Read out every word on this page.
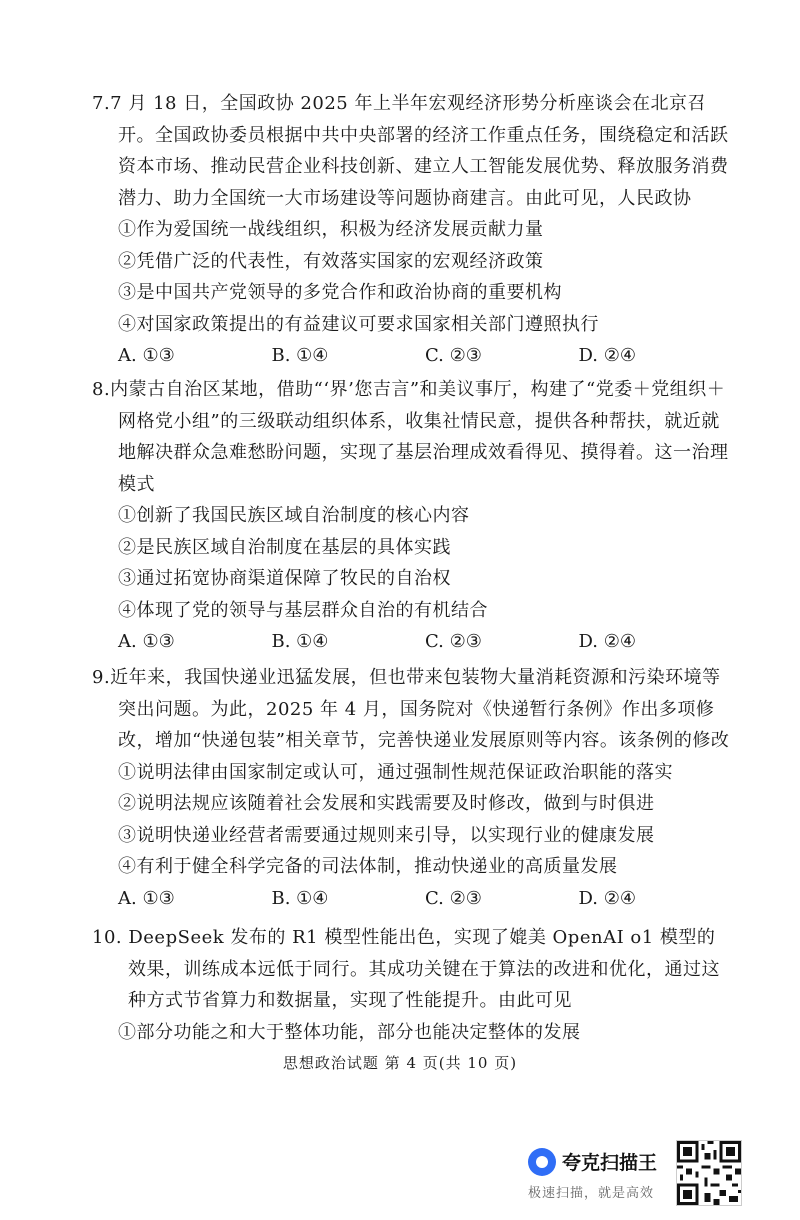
7.7 月 18 日，全国政协 2025 年上半年宏观经济形势分析座谈会在北京召开。全国政协委员根据中共中央部署的经济工作重点任务，围绕稳定和活跃资本市场、推动民营企业科技创新、建立人工智能发展优势、释放服务消费潜力、助力全国统一大市场建设等问题协商建言。由此可见，人民政协

①作为爱国统一战线组织，积极为经济发展贡献力量

②凭借广泛的代表性，有效落实国家的宏观经济政策

③是中国共产党领导的多党合作和政治协商的重要机构

④对国家政策提出的有益建议可要求国家相关部门遵照执行

A. ①③	B. ①④	C. ②③	D. ②④

8.内蒙古自治区某地，借助“‘界’您吉言”和美议事厅，构建了“党委＋党组织＋网格党小组”的三级联动组织体系，收集社情民意，提供各种帮扶，就近就地解决群众急难愁盼问题，实现了基层治理成效看得见、摸得着。这一治理模式

①创新了我国民族区域自治制度的核心内容

②是民族区域自治制度在基层的具体实践

③通过拓宽协商渠道保障了牧民的自治权

④体现了党的领导与基层群众自治的有机结合

A. ①③	B. ①④	C. ②③	D. ②④

9.近年来，我国快递业迅猛发展，但也带来包装物大量消耗资源和污染环境等突出问题。为此，2025 年 4 月，国务院对《快递暂行条例》作出多项修改，增加“快递包装”相关章节，完善快递业发展原则等内容。该条例的修改

①说明法律由国家制定或认可，通过强制性规范保证政治职能的落实

②说明法规应该随着社会发展和实践需要及时修改，做到与时俱进

③说明快递业经营者需要通过规则来引导，以实现行业的健康发展

④有利于健全科学完备的司法体制，推动快递业的高质量发展

A. ①③	B. ①④	C. ②③	D. ②④

10. DeepSeek 发布的 R1 模型性能出色，实现了媲美 OpenAI o1 模型的效果，训练成本远低于同行。其成功关键在于算法的改进和优化，通过这种方式节省算力和数据量，实现了性能提升。由此可见

①部分功能之和大于整体功能，部分也能决定整体的发展

思想政治试题 第 4 页(共 10 页)
夸克扫描王
极速扫描，就是高效
